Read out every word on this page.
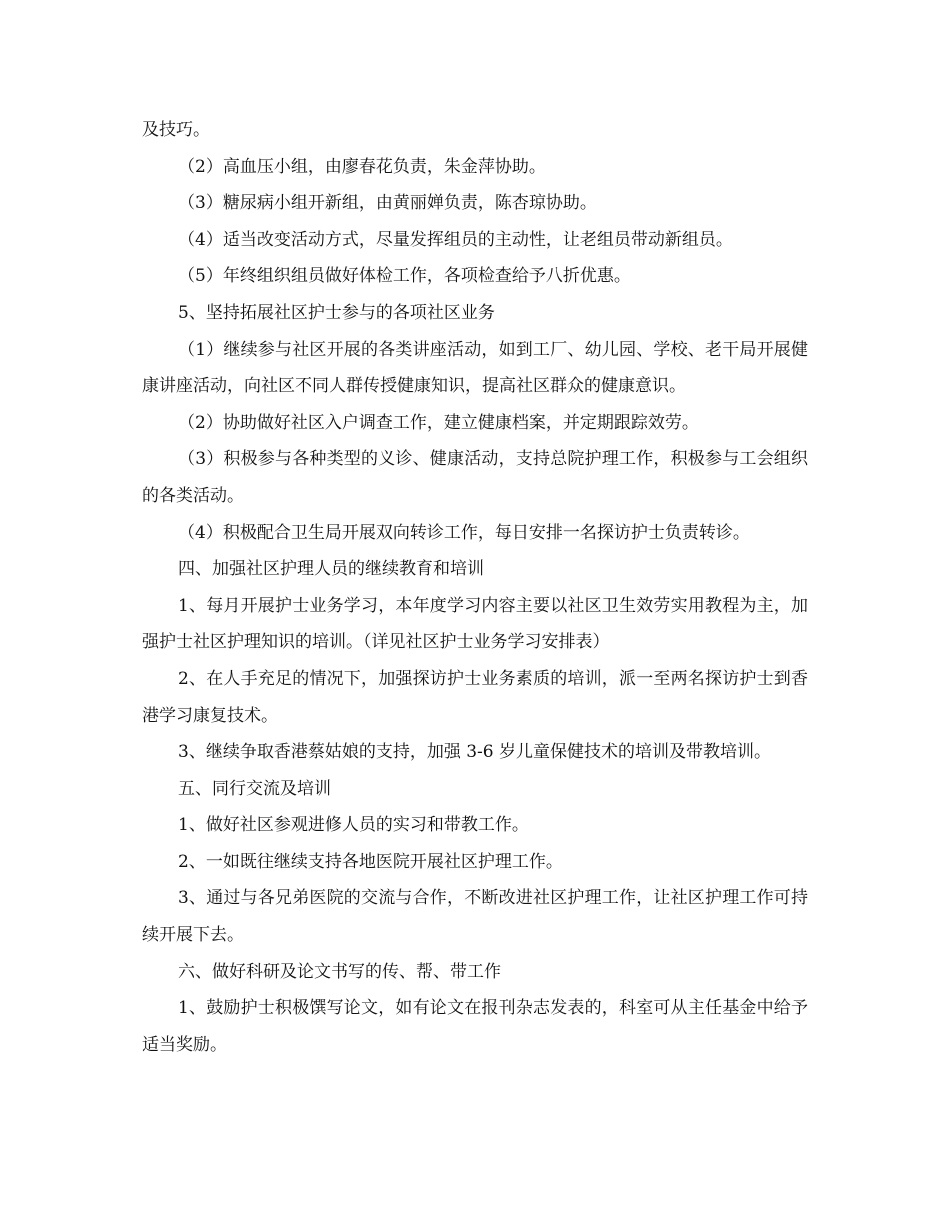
及技巧。

（2）高血压小组，由廖春花负责，朱金萍协助。

（3）糖尿病小组开新组，由黄丽婵负责，陈杏琼协助。

（4）适当改变活动方式，尽量发挥组员的主动性，让老组员带动新组员。

（5）年终组织组员做好体检工作，各项检查给予八折优惠。

5、坚持拓展社区护士参与的各项社区业务

（1）继续参与社区开展的各类讲座活动，如到工厂、幼儿园、学校、老干局开展健康讲座活动，向社区不同人群传授健康知识，提高社区群众的健康意识。

（2）协助做好社区入户调查工作，建立健康档案，并定期跟踪效劳。

（3）积极参与各种类型的义诊、健康活动，支持总院护理工作，积极参与工会组织的各类活动。

（4）积极配合卫生局开展双向转诊工作，每日安排一名探访护士负责转诊。

四、加强社区护理人员的继续教育和培训

1、每月开展护士业务学习，本年度学习内容主要以社区卫生效劳实用教程为主，加强护士社区护理知识的培训。（详见社区护士业务学习安排表）

2、在人手充足的情况下，加强探访护士业务素质的培训，派一至两名探访护士到香港学习康复技术。

3、继续争取香港蔡姑娘的支持，加强 3-6 岁儿童保健技术的培训及带教培训。

五、同行交流及培训

1、做好社区参观进修人员的实习和带教工作。

2、一如既往继续支持各地医院开展社区护理工作。

3、通过与各兄弟医院的交流与合作，不断改进社区护理工作，让社区护理工作可持续开展下去。

六、做好科研及论文书写的传、帮、带工作

1、鼓励护士积极馔写论文，如有论文在报刊杂志发表的，科室可从主任基金中给予适当奖励。
